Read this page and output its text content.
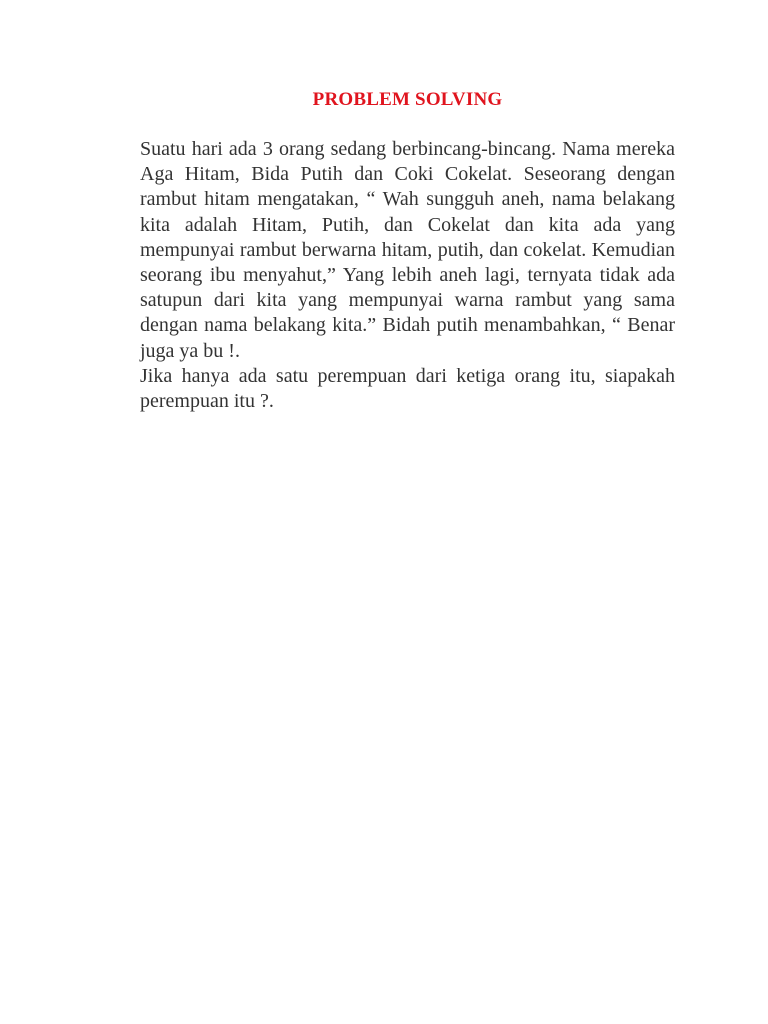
PROBLEM SOLVING

Suatu hari ada 3 orang sedang berbincang-bincang. Nama mereka Aga Hitam, Bida Putih dan Coki Cokelat. Seseorang dengan rambut hitam mengatakan, “ Wah sungguh aneh, nama belakang kita adalah Hitam, Putih, dan Cokelat dan kita ada yang mempunyai rambut berwarna hitam, putih, dan cokelat. Kemudian seorang ibu menyahut,” Yang lebih aneh lagi, ternyata tidak ada satupun dari kita yang mempunyai warna rambut yang sama dengan nama belakang kita.” Bidah putih menambahkan, “ Benar juga ya bu !.

Jika hanya ada satu perempuan dari ketiga orang itu, siapakah perempuan itu ?.
